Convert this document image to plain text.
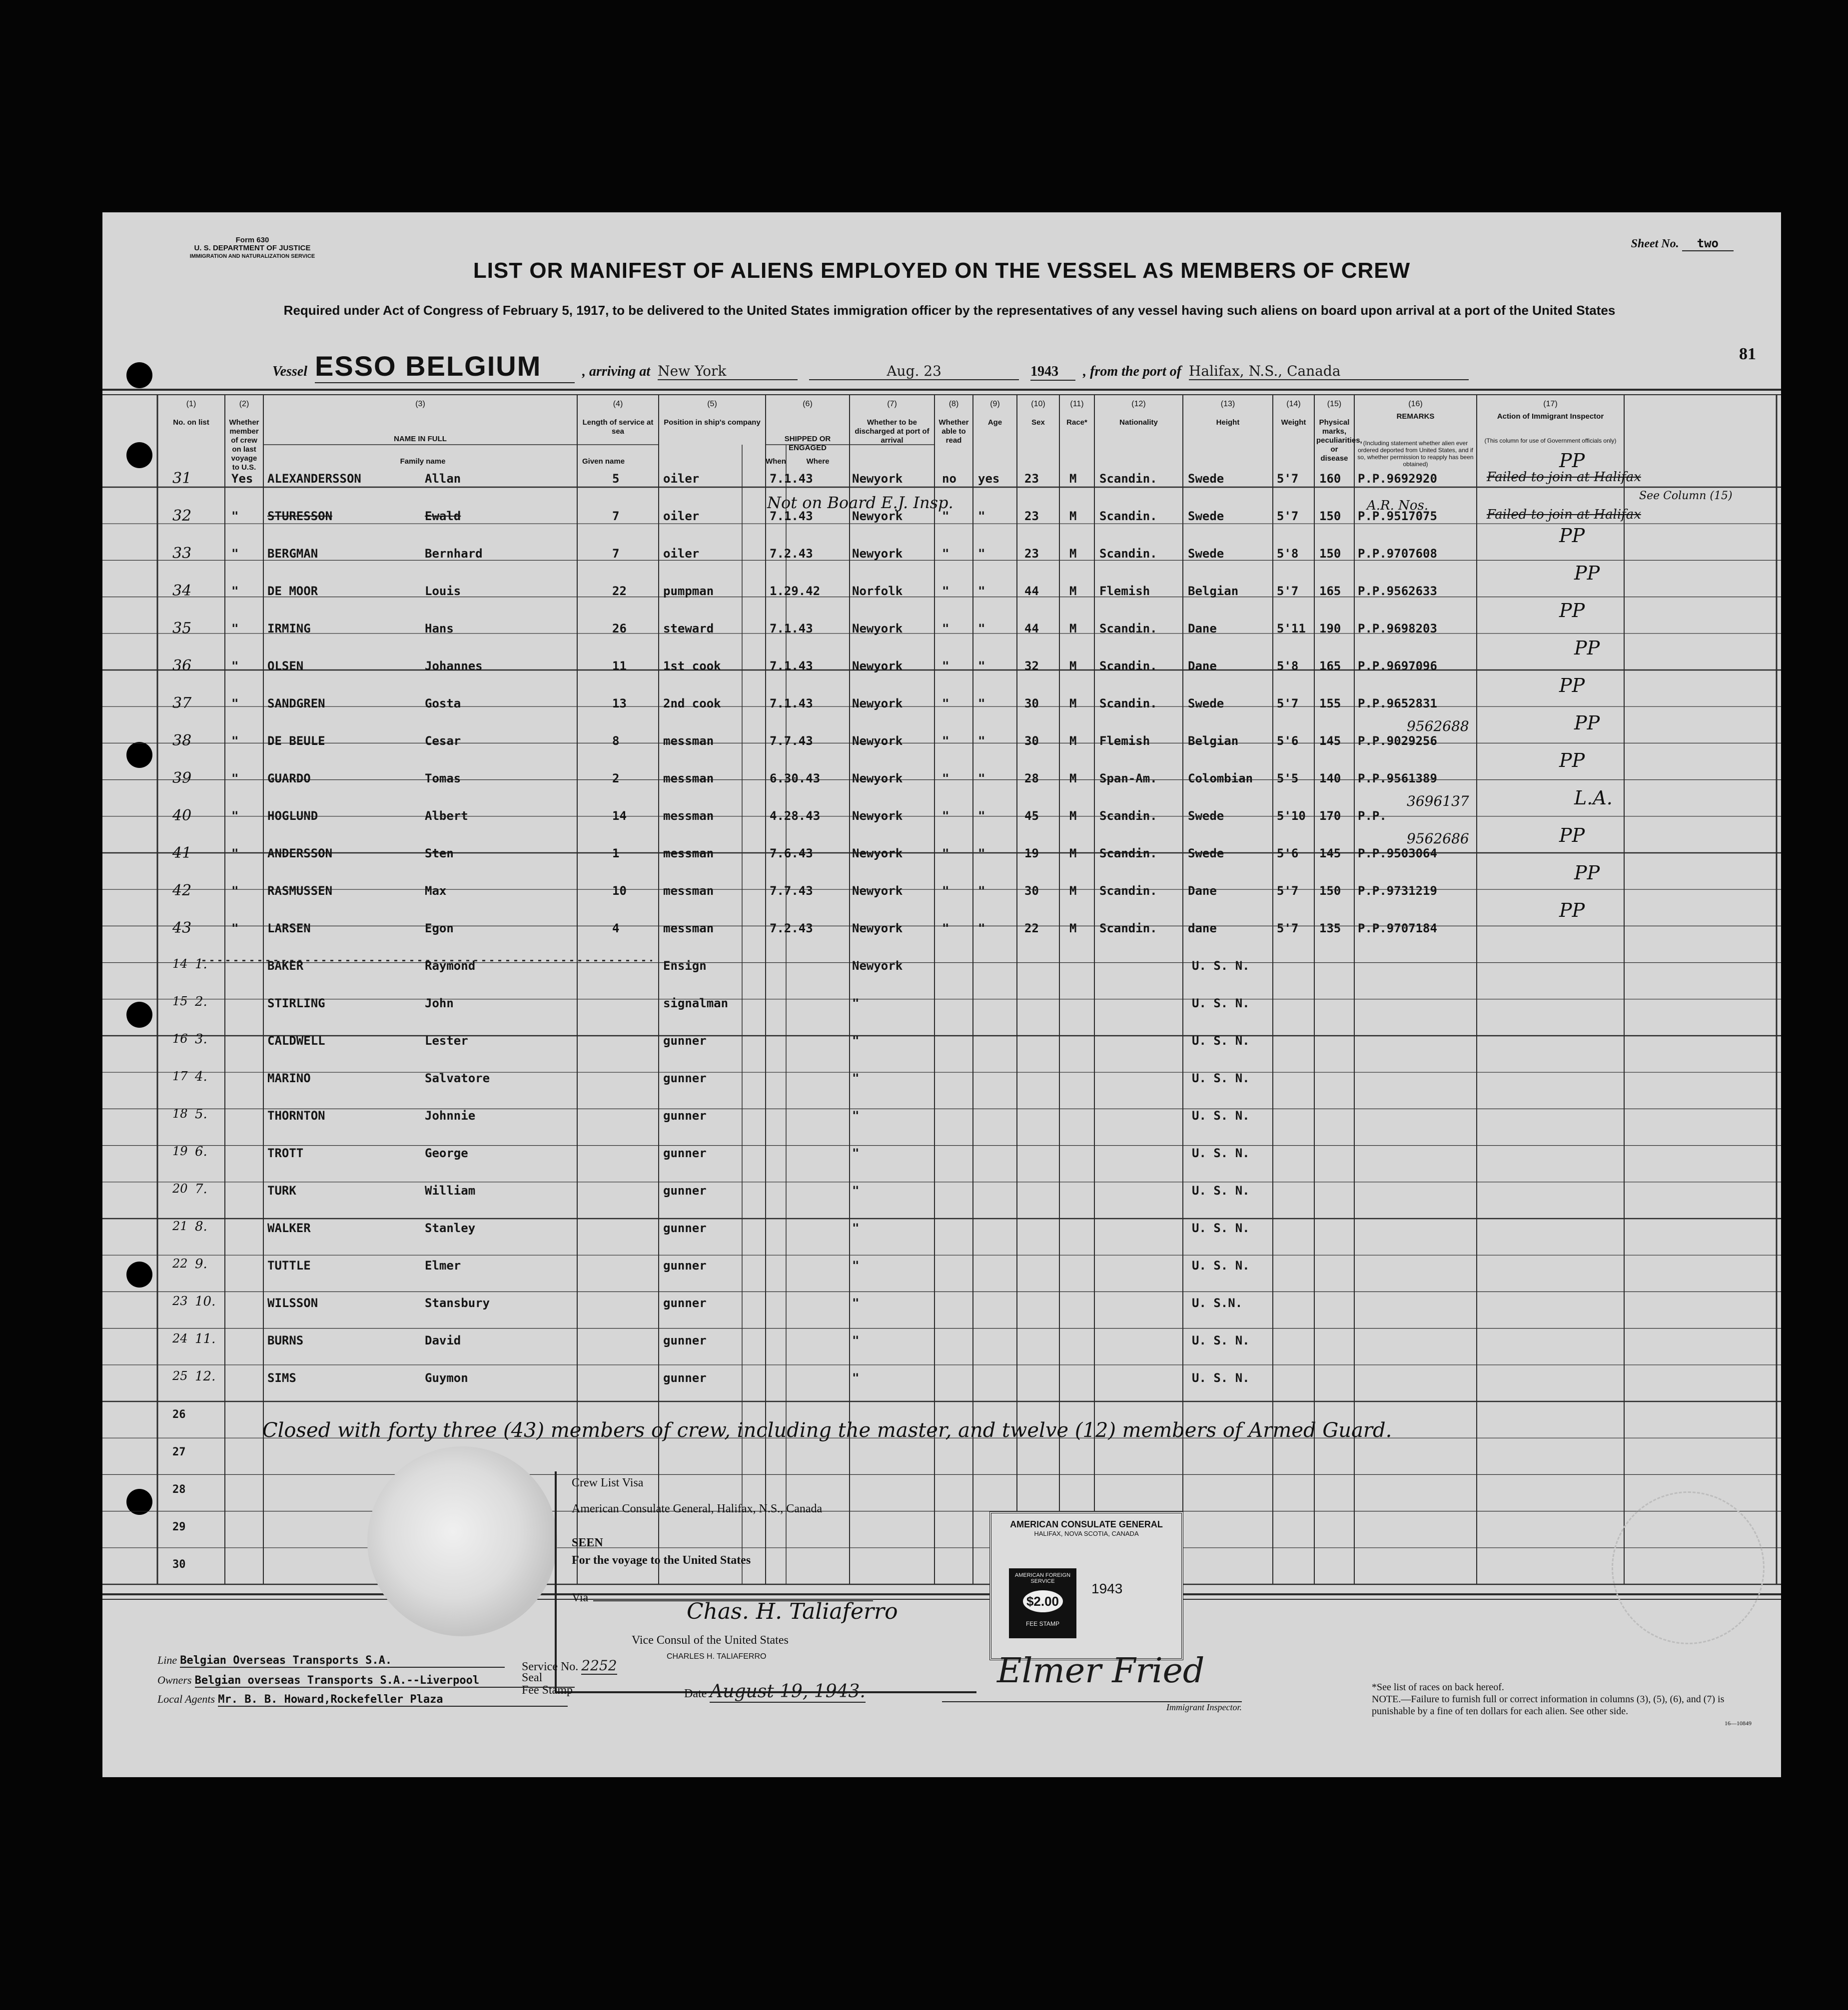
Form 630
U. S. DEPARTMENT OF JUSTICE
IMMIGRATION AND NATURALIZATION SERVICE
Sheet No. two
LIST OR MANIFEST OF ALIENS EMPLOYED ON THE VESSEL AS MEMBERS OF CREW
Required under Act of Congress of February 5, 1917, to be delivered to the United States immigration officer by the representatives of any vessel having such aliens on board upon arrival at a port of the United States
Vessel ESSO BELGIUM	, arriving at New York	Aug. 23	1943 , from the port of Halifax, N.S., Canada
81
(1)
No. on list
(2)
Whether member of crew on last voyage to U.S.
(3)
NAME IN FULL
Family name	Given name
(4)
Length of service at sea
(5)
Position in ship's company
(6)
SHIPPED OR ENGAGED
When	Where
(7)
Whether to be discharged at port of arrival
(8)
Whether able to read
(9)
Age
(10)
Sex
(11)
Race*
(12)
Nationality
(13)
Height
(14)
Weight
(15)
Physical marks, peculiarities, or disease
(16)
REMARKS
(Including statement whether alien ever ordered deported from United States, and if so, whether permission to reapply has been obtained)
(17)
Action of Immigrant Inspector
(This column for use of Government officials only)
A.R. Nos.
See Column (15)
31	Yes ALEXANDERSSON	Allan	5	oiler	7.1.43	Newyork	no yes 23	M Scandin.	Swede	5'7 160 P.P.9692920
PP
Failed to join at Halifax
32	" STURESSON	Ewald	7	oiler	7.1.43	Newyork	" "	23	M Scandin.	Swede	5'7 150 P.P.9517075	Failed to join at Halifax
Not on Board E.J. Insp.
33	" BERGMAN	Bernhard	7	oiler	7.2.43	Newyork	" "	23	M Scandin.	Swede	5'8 150 P.P.9707608
PP
34	" DE MOOR	Louis	22	pumpman	1.29.42	Norfolk	" "	44	M Flemish	Belgian	5'7 165 P.P.9562633
PP
35	" IRMING	Hans	26	steward	7.1.43	Newyork	" "	44	M Scandin.	Dane	5'11 190 P.P.9698203
PP
36	" OLSEN	Johannes	11	1st cook	7.1.43	Newyork	" "	32	M Scandin.	Dane	5'8 165 P.P.9697096
PP
37	" SANDGREN	Gosta	13	2nd cook	7.1.43	Newyork	" "	30	M Scandin.	Swede	5'7 155 P.P.9652831
PP
38	" DE BEULE	Cesar	8	messman	7.7.43	Newyork	" "	30	M Flemish	Belgian	5'6 145 P.P.9029256
9562688	PP
39	" GUARDO	Tomas	2	messman	6.30.43	Newyork	" "	28	M Span-Am.	Colombian 5'5 140 P.P.9561389
PP
40	" HOGLUND	Albert	14	messman	4.28.43	Newyork	" "	45	M Scandin.	Swede	5'10 170 P.P.
3696137	L.A.
41	" ANDERSSON	Sten	1	messman	7.6.43	Newyork	" "	19	M Scandin.	Swede	5'6 145 P.P.9503064
9562686	PP
42	" RASMUSSEN	Max	10	messman	7.7.43	Newyork	" "	30	M Scandin.	Dane	5'7 150 P.P.9731219
PP
43	" LARSEN	Egon	4	messman	7.2.43	Newyork	" "	22	M Scandin.	dane	5'7 135 P.P.9707184
PP
14 1.	BAKER	Raymond	Ensign	Newyork	U. S. N.
15 2.	STIRLING	John	signalman	"	U. S. N.
16 3.	CALDWELL	Lester	gunner	"	U. S. N.
17 4.	MARINO	Salvatore	gunner	"	U. S. N.
18 5.	THORNTON	Johnnie	gunner	"	U. S. N.
19 6.	TROTT	George	gunner	"	U. S. N.
20 7.	TURK	William	gunner	"	U. S. N.
21 8.	WALKER	Stanley	gunner	"	U. S. N.
22 9.	TUTTLE	Elmer	gunner	"	U. S. N.
23 10.	WILSSON	Stansbury	gunner	"	U. S.N.
24 11.	BURNS	David	gunner	"	U. S. N.
25 12.	SIMS	Guymon	gunner	"	U. S. N.
26
27
28
29
30
Closed with forty three (43) members of crew, including the master, and twelve (12) members of Armed Guard.
Crew List Visa
American Consulate General, Halifax, N.S., Canada
SEEN
For the voyage to the United States
Via
Chas. H. Taliaferro
Vice Consul of the United States
CHARLES H. TALIAFERRO
Service No. 2252
Seal
Fee Stamp	Date August 19, 1943.
AMERICAN CONSULATE GENERAL
HALIFAX, NOVA SCOTIA, CANADA
1943
AMERICAN FOREIGN SERVICE
$2.00
FEE STAMP
Line Belgian Overseas Transports S.A.
Owners Belgian overseas Transports S.A.--Liverpool
Local Agents Mr. B. B. Howard,Rockefeller Plaza
Elmer Fried
Immigrant Inspector.
*See list of races on back hereof.
NOTE.—Failure to furnish full or correct information in columns (3), (5), (6), and (7) is punishable by a fine of ten dollars for each alien. See other side.
16—10849
